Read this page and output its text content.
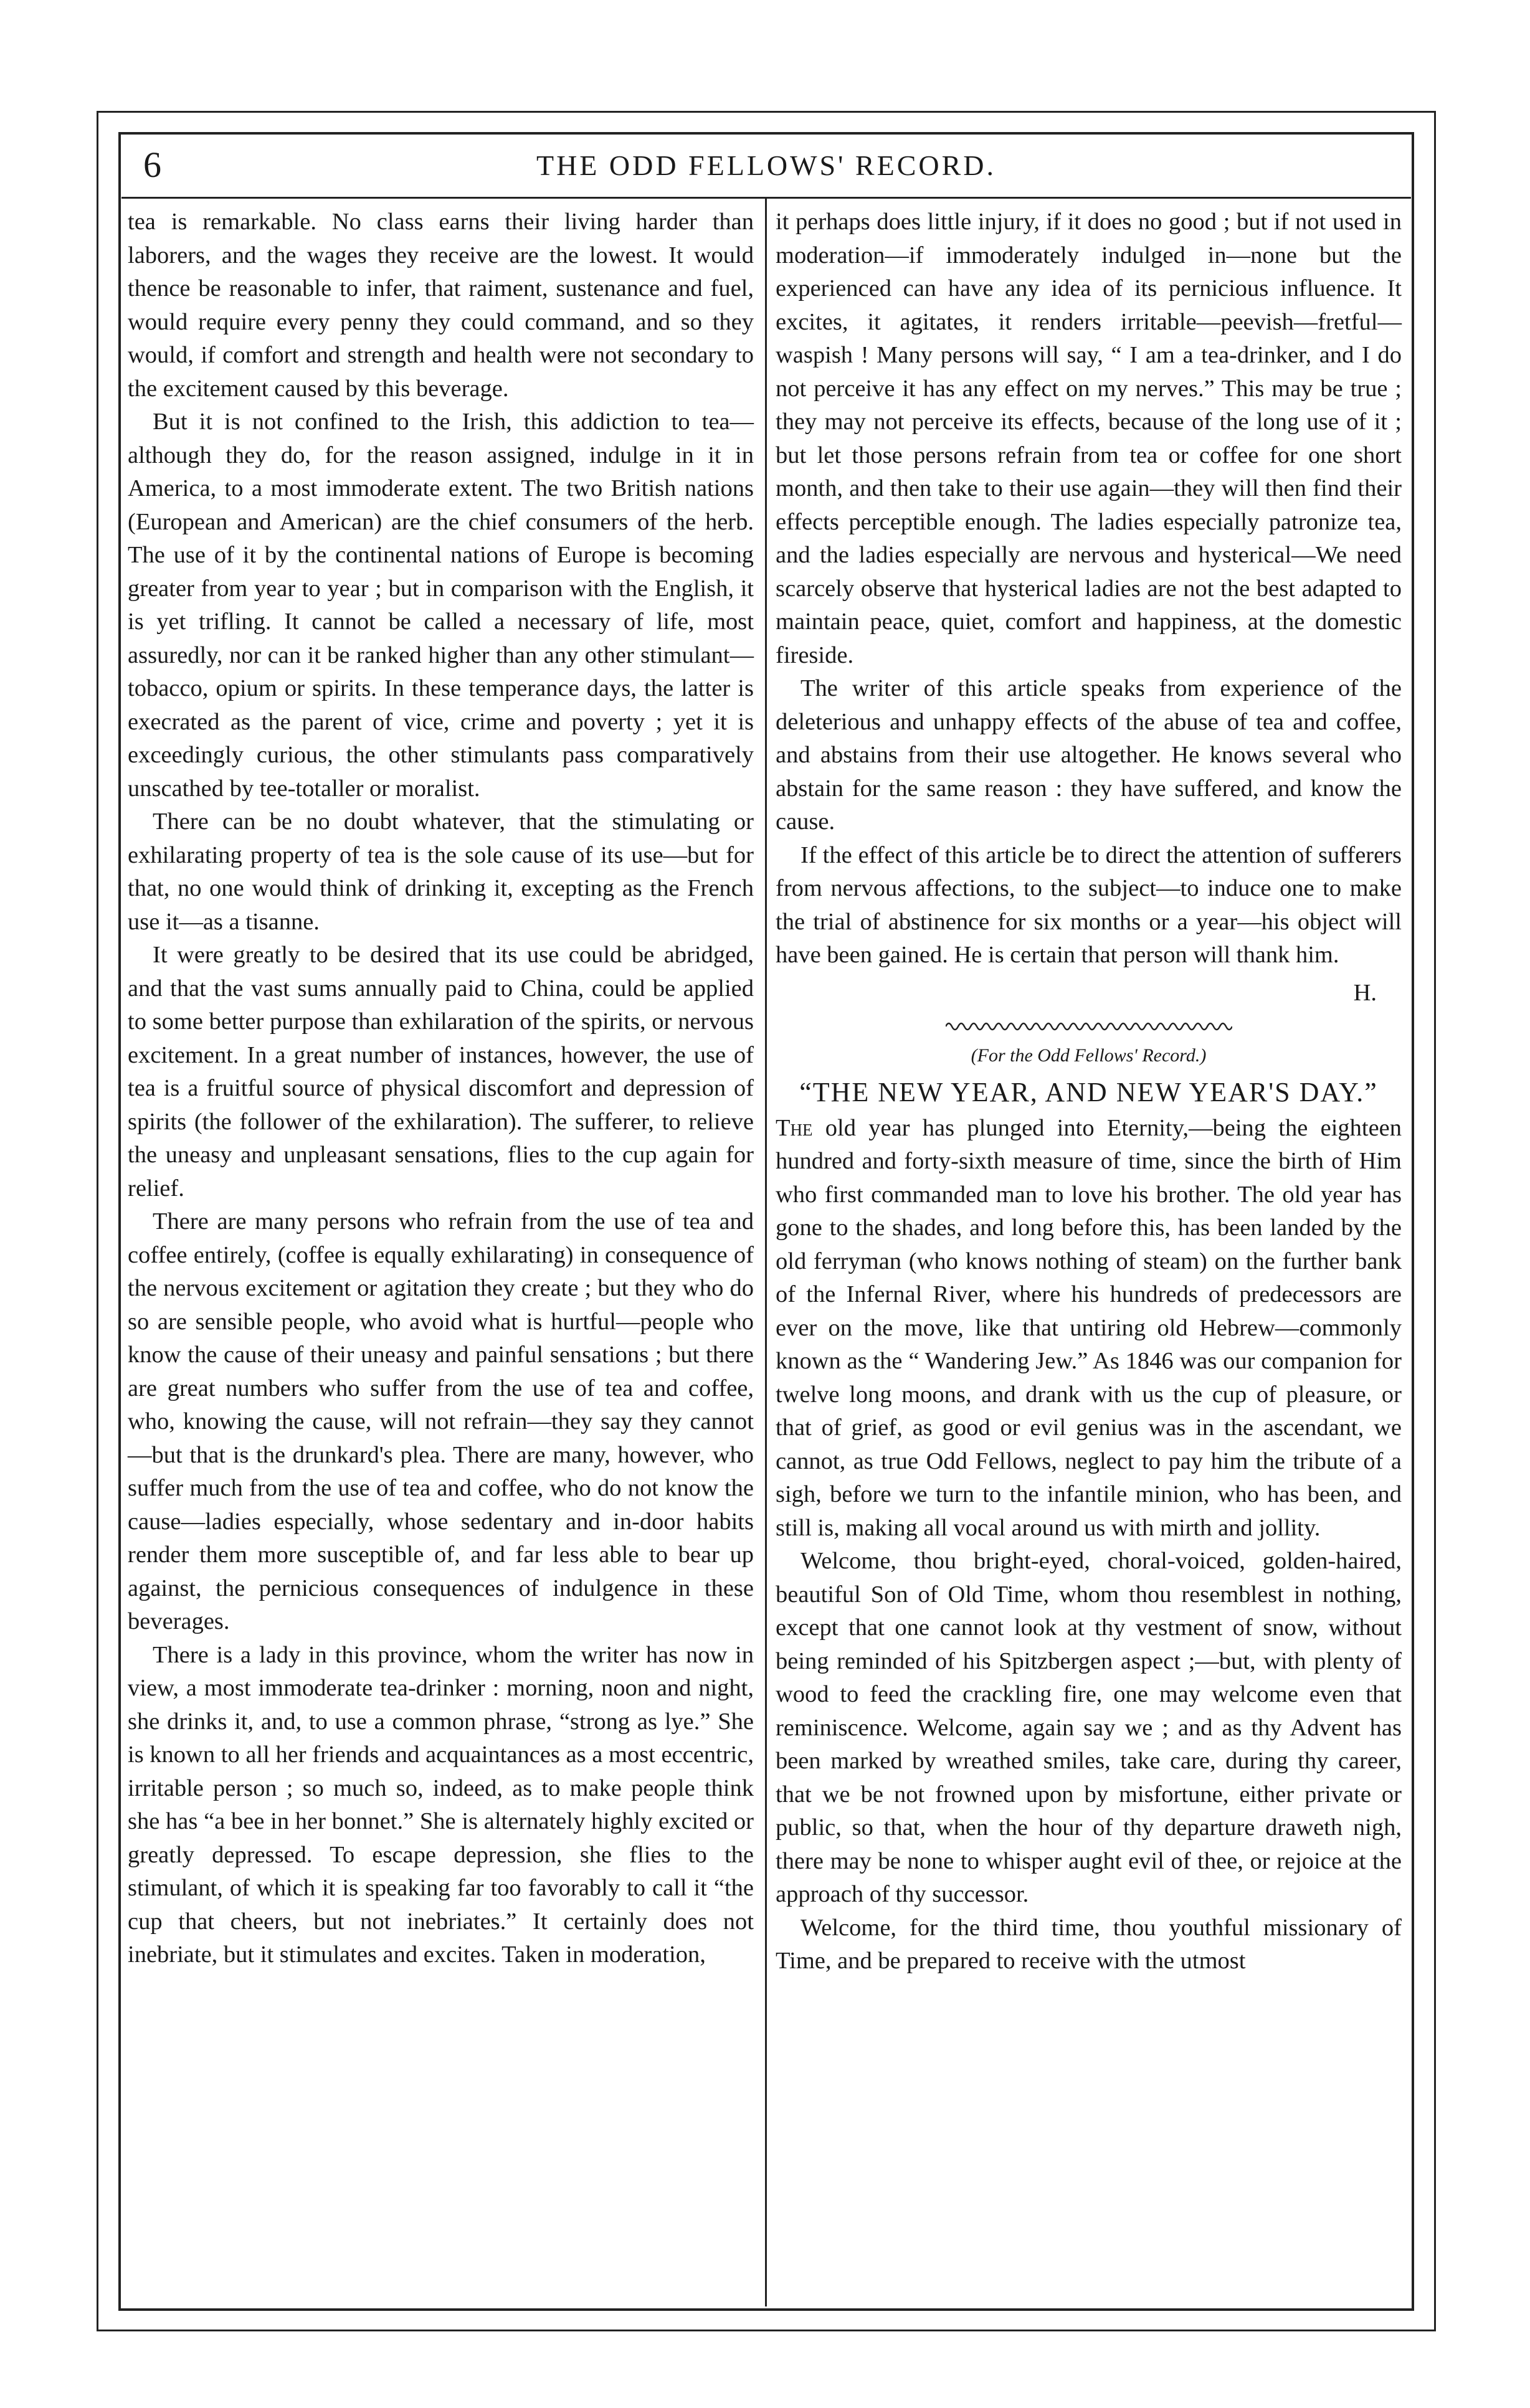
6	THE ODD FELLOWS' RECORD.

tea is remarkable. No class earns their living harder than laborers, and the wages they receive are the lowest. It would thence be reasonable to infer, that raiment, sustenance and fuel, would require every penny they could command, and so they would, if comfort and strength and health were not secondary to the excitement caused by this beverage.

But it is not confined to the Irish, this addiction to tea—although they do, for the reason assigned, indulge in it in America, to a most immoderate extent. The two British nations (European and American) are the chief consumers of the herb. The use of it by the continental nations of Europe is becoming greater from year to year ; but in comparison with the English, it is yet trifling. It cannot be called a necessary of life, most assuredly, nor can it be ranked higher than any other stimulant—tobacco, opium or spirits. In these temperance days, the latter is execrated as the parent of vice, crime and poverty ; yet it is exceedingly curious, the other stimulants pass comparatively unscathed by tee-totaller or moralist.

There can be no doubt whatever, that the stimulating or exhilarating property of tea is the sole cause of its use—but for that, no one would think of drinking it, excepting as the French use it—as a tisanne.

It were greatly to be desired that its use could be abridged, and that the vast sums annually paid to China, could be applied to some better purpose than exhilaration of the spirits, or nervous excitement. In a great number of instances, however, the use of tea is a fruitful source of physical discomfort and depression of spirits (the follower of the exhilaration). The sufferer, to relieve the uneasy and unpleasant sensations, flies to the cup again for relief.

There are many persons who refrain from the use of tea and coffee entirely, (coffee is equally exhilarating) in consequence of the nervous excitement or agitation they create ; but they who do so are sensible people, who avoid what is hurtful—people who know the cause of their uneasy and painful sensations ; but there are great numbers who suffer from the use of tea and coffee, who, knowing the cause, will not refrain—they say they cannot—but that is the drunkard's plea. There are many, however, who suffer much from the use of tea and coffee, who do not know the cause—ladies especially, whose sedentary and in-door habits render them more susceptible of, and far less able to bear up against, the pernicious consequences of indulgence in these beverages.

There is a lady in this province, whom the writer has now in view, a most immoderate tea-drinker : morning, noon and night, she drinks it, and, to use a common phrase, “strong as lye.” She is known to all her friends and acquaintances as a most eccentric, irritable person ; so much so, indeed, as to make people think she has “a bee in her bonnet.” She is alternately highly excited or greatly depressed. To escape depression, she flies to the stimulant, of which it is speaking far too favorably to call it “the cup that cheers, but not inebriates.” It certainly does not inebriate, but it stimulates and excites. Taken in moderation,

it perhaps does little injury, if it does no good ; but if not used in moderation—if immoderately indulged in—none but the experienced can have any idea of its pernicious influence. It excites, it agitates, it renders irritable—peevish—fretful—waspish ! Many persons will say, “ I am a tea-drinker, and I do not perceive it has any effect on my nerves.” This may be true ; they may not perceive its effects, because of the long use of it ; but let those persons refrain from tea or coffee for one short month, and then take to their use again—they will then find their effects perceptible enough. The ladies especially patronize tea, and the ladies especially are nervous and hysterical—We need scarcely observe that hysterical ladies are not the best adapted to maintain peace, quiet, comfort and happiness, at the domestic fireside.

The writer of this article speaks from experience of the deleterious and unhappy effects of the abuse of tea and coffee, and abstains from their use altogether. He knows several who abstain for the same reason : they have suffered, and know the cause.

If the effect of this article be to direct the attention of sufferers from nervous affections, to the subject—to induce one to make the trial of abstinence for six months or a year—his object will have been gained. He is certain that person will thank him.

H.
(For the Odd Fellows' Record.)
“THE NEW YEAR, AND NEW YEAR'S DAY.”

The old year has plunged into Eternity,—being the eighteen hundred and forty-sixth measure of time, since the birth of Him who first commanded man to love his brother. The old year has gone to the shades, and long before this, has been landed by the old ferryman (who knows nothing of steam) on the further bank of the Infernal River, where his hundreds of predecessors are ever on the move, like that untiring old Hebrew—commonly known as the “ Wandering Jew.” As 1846 was our companion for twelve long moons, and drank with us the cup of pleasure, or that of grief, as good or evil genius was in the ascendant, we cannot, as true Odd Fellows, neglect to pay him the tribute of a sigh, before we turn to the infantile minion, who has been, and still is, making all vocal around us with mirth and jollity.

Welcome, thou bright-eyed, choral-voiced, golden-haired, beautiful Son of Old Time, whom thou resemblest in nothing, except that one cannot look at thy vestment of snow, without being reminded of his Spitzbergen aspect ;—but, with plenty of wood to feed the crackling fire, one may welcome even that reminiscence. Welcome, again say we ; and as thy Advent has been marked by wreathed smiles, take care, during thy career, that we be not frowned upon by misfortune, either private or public, so that, when the hour of thy departure draweth nigh, there may be none to whisper aught evil of thee, or rejoice at the approach of thy successor.

Welcome, for the third time, thou youthful missionary of Time, and be prepared to receive with the utmost
